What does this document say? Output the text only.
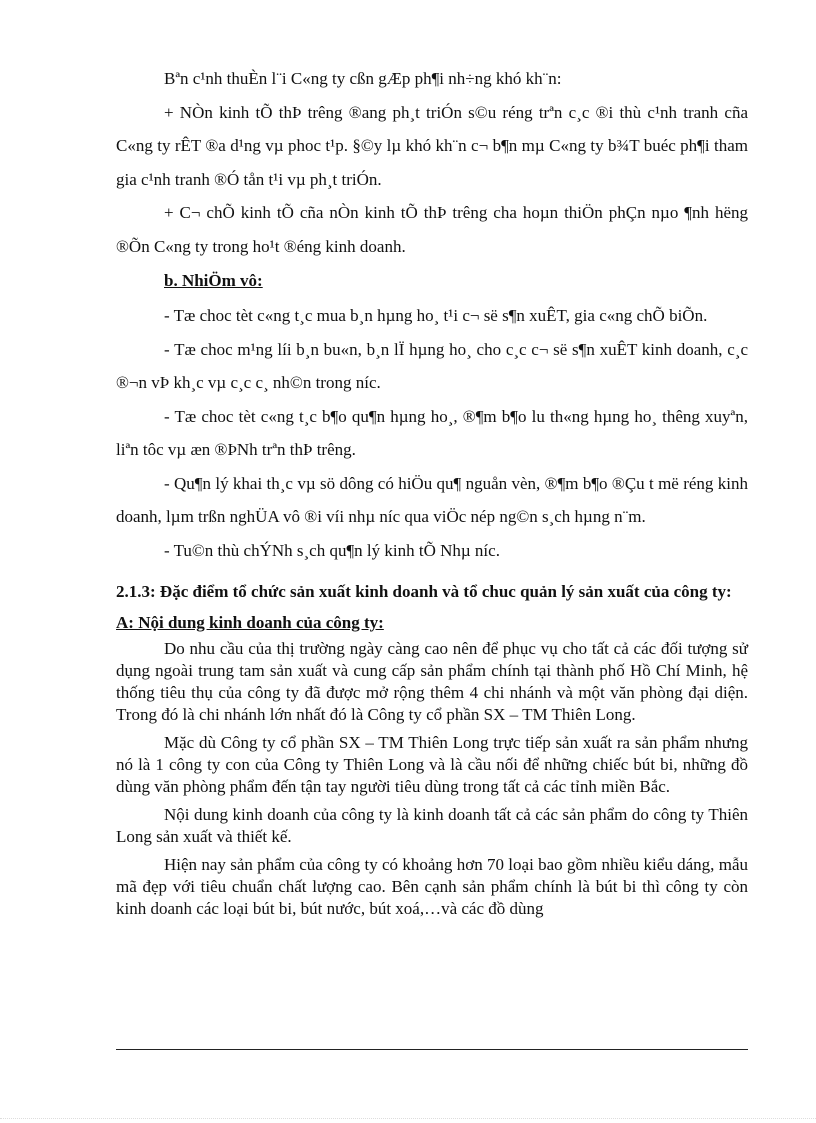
Bªn c¹nh thuÈn l¨i C«ng ty cßn gÆp ph¶i nh÷ng khó kh¨n:

+ NÒn kinh tÕ thÞ trêng ®ang ph¸t triÓn s©u réng trªn c¸c ®i thù c¹nh tranh cña C«ng ty rÊT ®a d¹ng vµ phoc t¹p. §©y lµ khó kh¨n c¬ b¶n mµ C«ng ty b¾T buéc ph¶i tham gia c¹nh tranh ®Ó tån t¹i vµ ph¸t triÓn.

+ C¬ chÕ kinh tÕ cña nÒn kinh tÕ thÞ trêng cha hoµn thiÖn phÇn nµo ¶nh hëng ®Õn C«ng ty trong ho¹t ®éng kinh doanh.

b. NhiÖm vô:

- Tæ choc tèt c«ng t¸c mua b¸n hµng ho¸ t¹i c¬ së s¶n xuÊT, gia c«ng chÕ biÕn.

- Tæ choc m¹ng líi b¸n bu«n, b¸n lÏ hµng ho¸ cho c¸c c¬ së s¶n xuÊT kinh doanh, c¸c ®¬n vÞ kh¸c vµ c¸c c¸ nh©n trong níc.

- Tæ choc tèt c«ng t¸c b¶o qu¶n hµng ho¸, ®¶m b¶o lu th«ng hµng ho¸ thêng xuyªn, liªn tôc vµ æn ®ÞNh trªn thÞ trêng.

- Qu¶n lý khai th¸c vµ sö dông có hiÖu qu¶ nguån vèn, ®¶m b¶o ®Çu t më réng kinh doanh, lµm trßn nghÜA vô ®i víi nhµ níc qua viÖc nép ng©n s¸ch hµng n¨m.

- Tu©n thù chÝNh s¸ch qu¶n lý kinh tÕ Nhµ níc.

2.1.3: Đặc điểm tổ chức sản xuất kinh doanh và tổ chuc quản lý sản xuất của công ty:

A: Nội dung kinh doanh của công ty:

Do nhu cầu của thị trường ngày càng cao nên để phục vụ cho tất cả các đối tượng sử dụng ngoài trung tam sản xuất và cung cấp sản phẩm chính tại thành phố Hồ Chí Minh, hệ thống tiêu thụ của công ty đã được mở rộng thêm 4 chi nhánh và một văn phòng đại diện. Trong đó là chi nhánh lớn nhất đó là Công ty cổ phần SX – TM Thiên Long.

Mặc dù Công ty cổ phần SX – TM Thiên Long trực tiếp sản xuất ra sản phẩm nhưng nó là 1 công ty con của Công ty Thiên Long và là cầu nối để những chiếc bút bi, những đồ dùng văn phòng phẩm đến tận tay người tiêu dùng trong tất cả các tỉnh miền Bắc.

Nội dung kinh doanh của công ty là kinh doanh tất cả các sản phẩm do công ty Thiên Long sản xuất và thiết kế.

Hiện nay sản phẩm của công ty có khoảng hơn 70 loại bao gồm nhiều kiểu dáng, mẫu mã đẹp với tiêu chuẩn chất lượng cao. Bên cạnh sản phẩm chính là bút bi thì công ty còn kinh doanh các loại bút bi, bút nước, bút xoá,…và các đồ dùng
